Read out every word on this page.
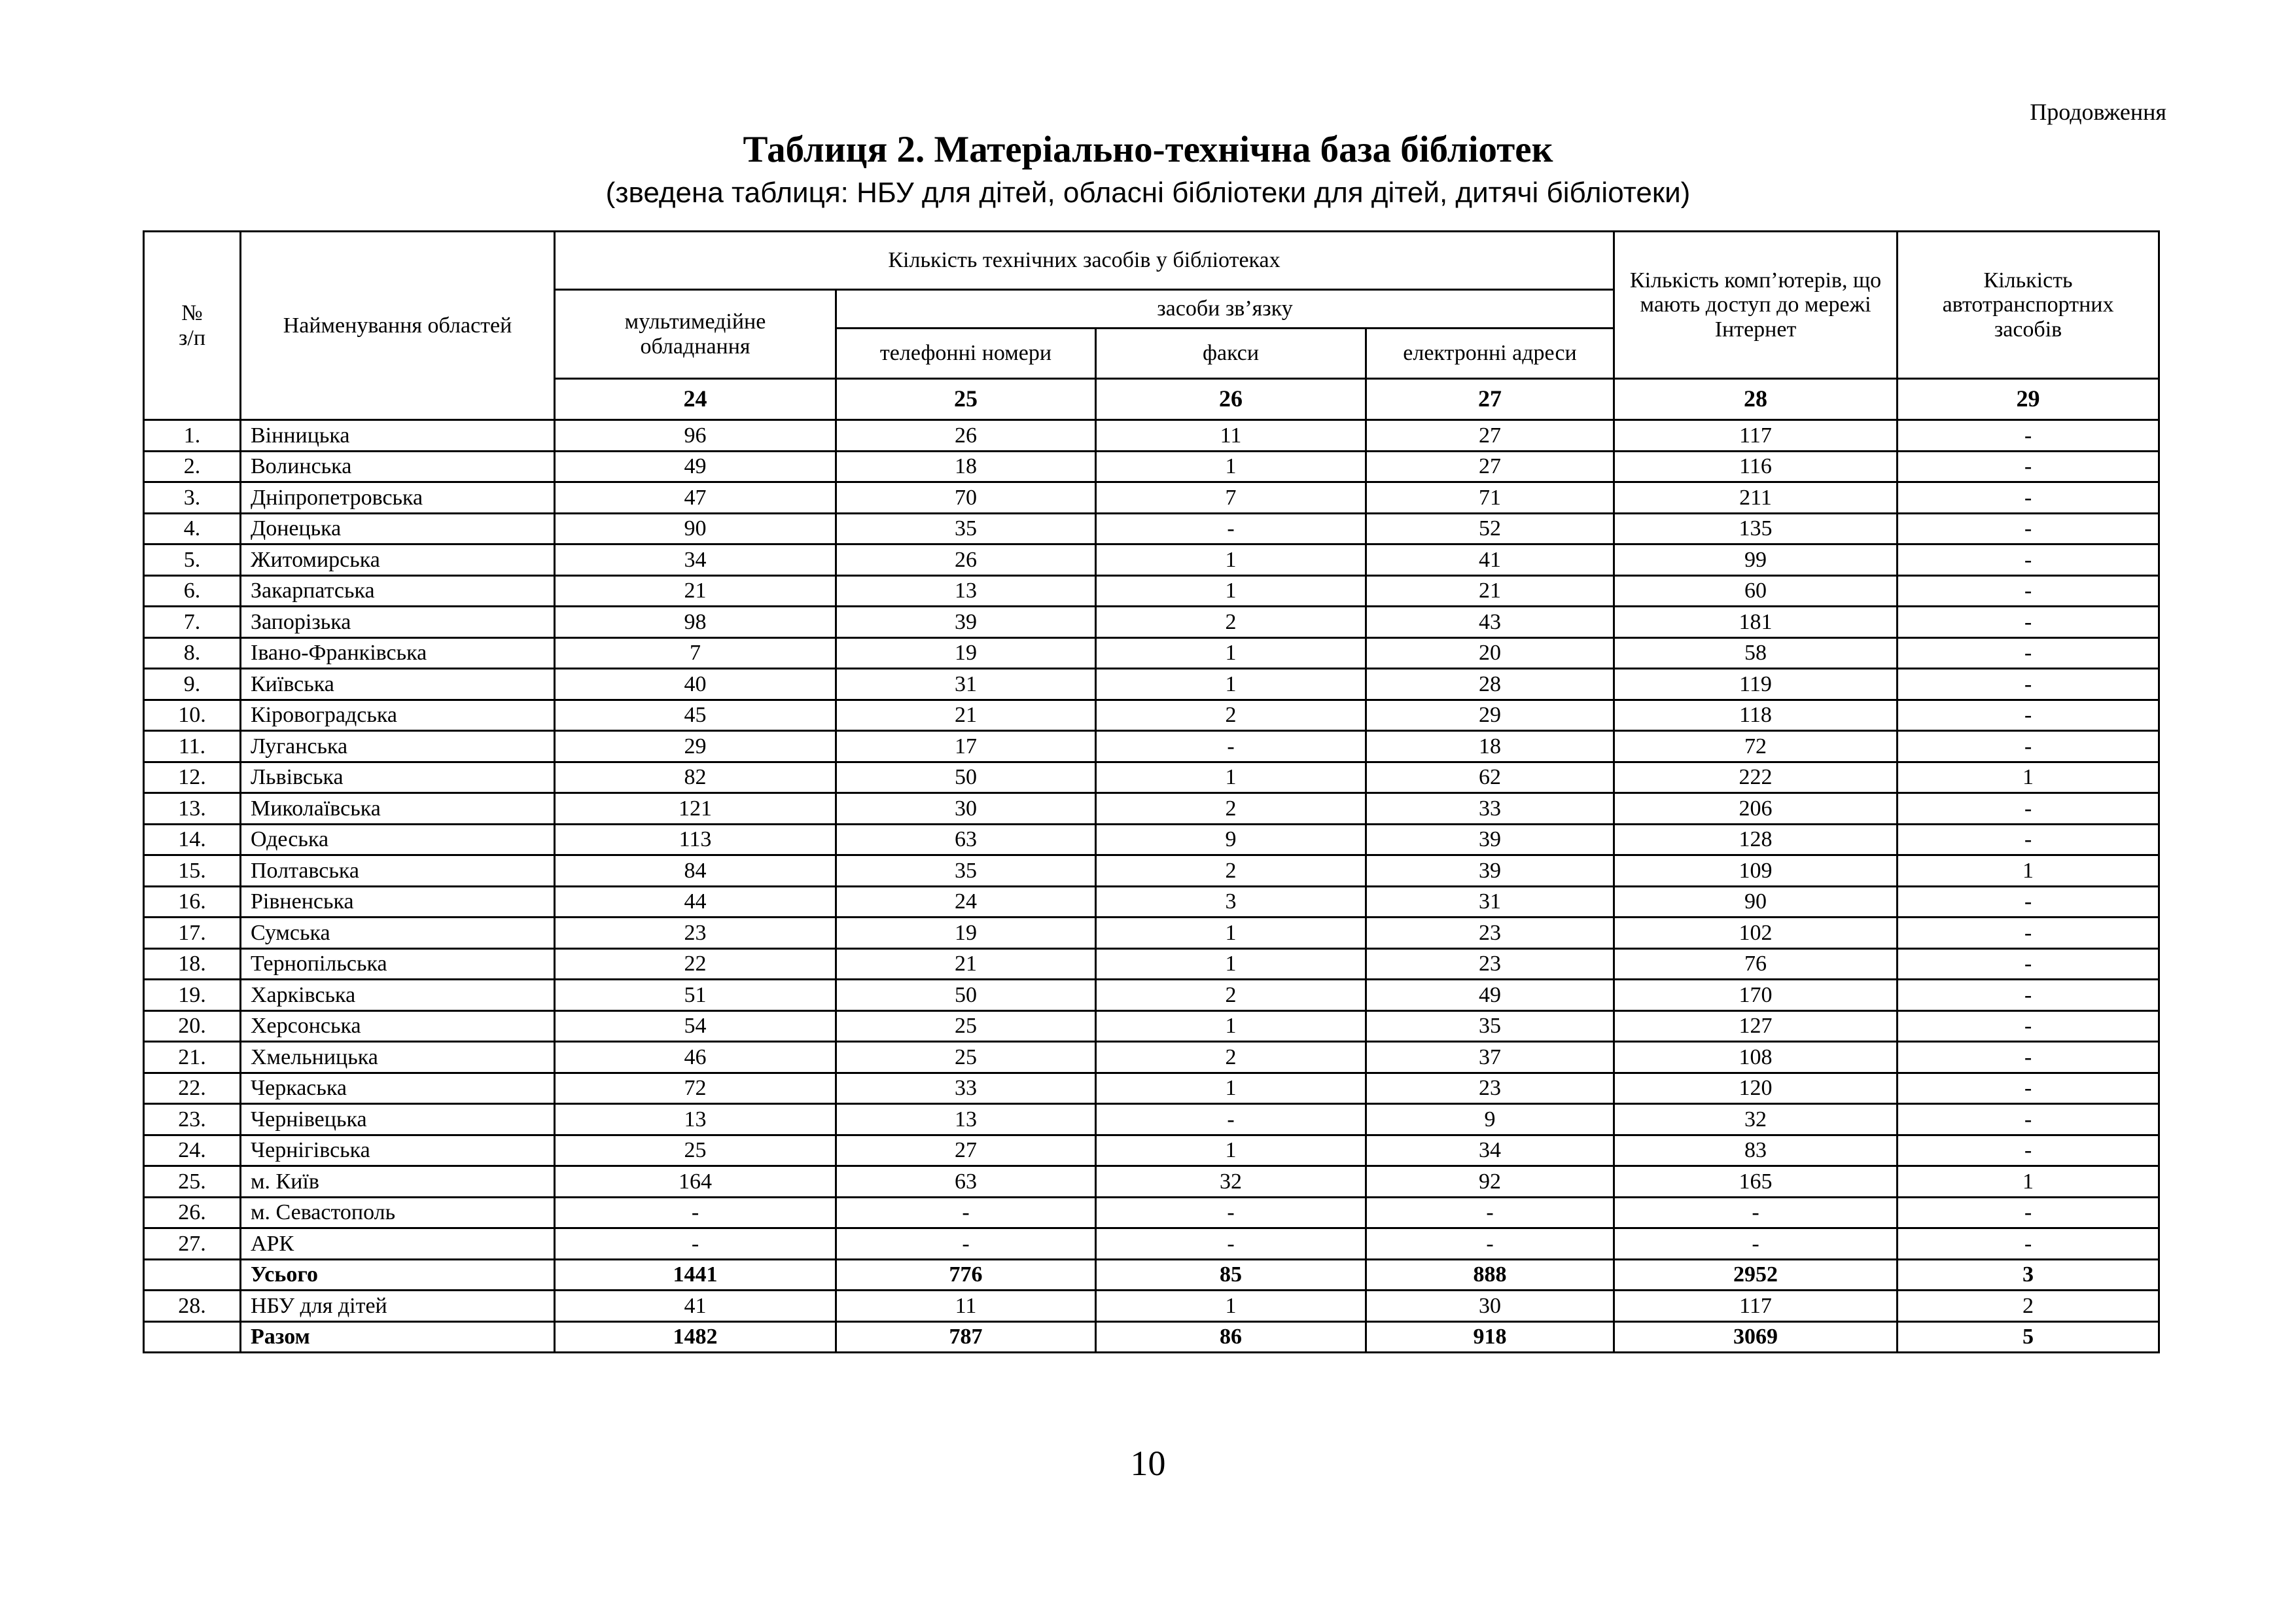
Продовження
Таблиця 2. Матеріально-технічна база бібліотек
(зведена таблиця: НБУ для дітей, обласні бібліотеки для дітей, дитячі бібліотеки)
№
з/п	Найменування областей	Кількість технічних засобів у бібліотеках				Кількість комп’ютерів, що мають доступ до мережі Інтернет	Кількість автотранспортних засобів
		мультимедійне обладнання	засоби зв’язку				
			телефонні номери	факси	електронні адреси		
		24	25	26	27	28	29
1.	Вінницька	96	26	11	27	117	-
2.	Волинська	49	18	1	27	116	-
3.	Дніпропетровська	47	70	7	71	211	-
4.	Донецька	90	35	-	52	135	-
5.	Житомирська	34	26	1	41	99	-
6.	Закарпатська	21	13	1	21	60	-
7.	Запорізька	98	39	2	43	181	-
8.	Івано-Франківська	7	19	1	20	58	-
9.	Київська	40	31	1	28	119	-
10.	Кіровоградська	45	21	2	29	118	-
11.	Луганська	29	17	-	18	72	-
12.	Львівська	82	50	1	62	222	1
13.	Миколаївська	121	30	2	33	206	-
14.	Одеська	113	63	9	39	128	-
15.	Полтавська	84	35	2	39	109	1
16.	Рівненська	44	24	3	31	90	-
17.	Сумська	23	19	1	23	102	-
18.	Тернопільська	22	21	1	23	76	-
19.	Харківська	51	50	2	49	170	-
20.	Херсонська	54	25	1	35	127	-
21.	Хмельницька	46	25	2	37	108	-
22.	Черкаська	72	33	1	23	120	-
23.	Чернівецька	13	13	-	9	32	-
24.	Чернігівська	25	27	1	34	83	-
25.	м. Київ	164	63	32	92	165	1
26.	м. Севастополь	-	-	-	-	-	-
27.	АРК	-	-	-	-	-	-
	Усього	1441	776	85	888	2952	3
28.	НБУ для дітей	41	11	1	30	117	2
	Разом	1482	787	86	918	3069	5
10
